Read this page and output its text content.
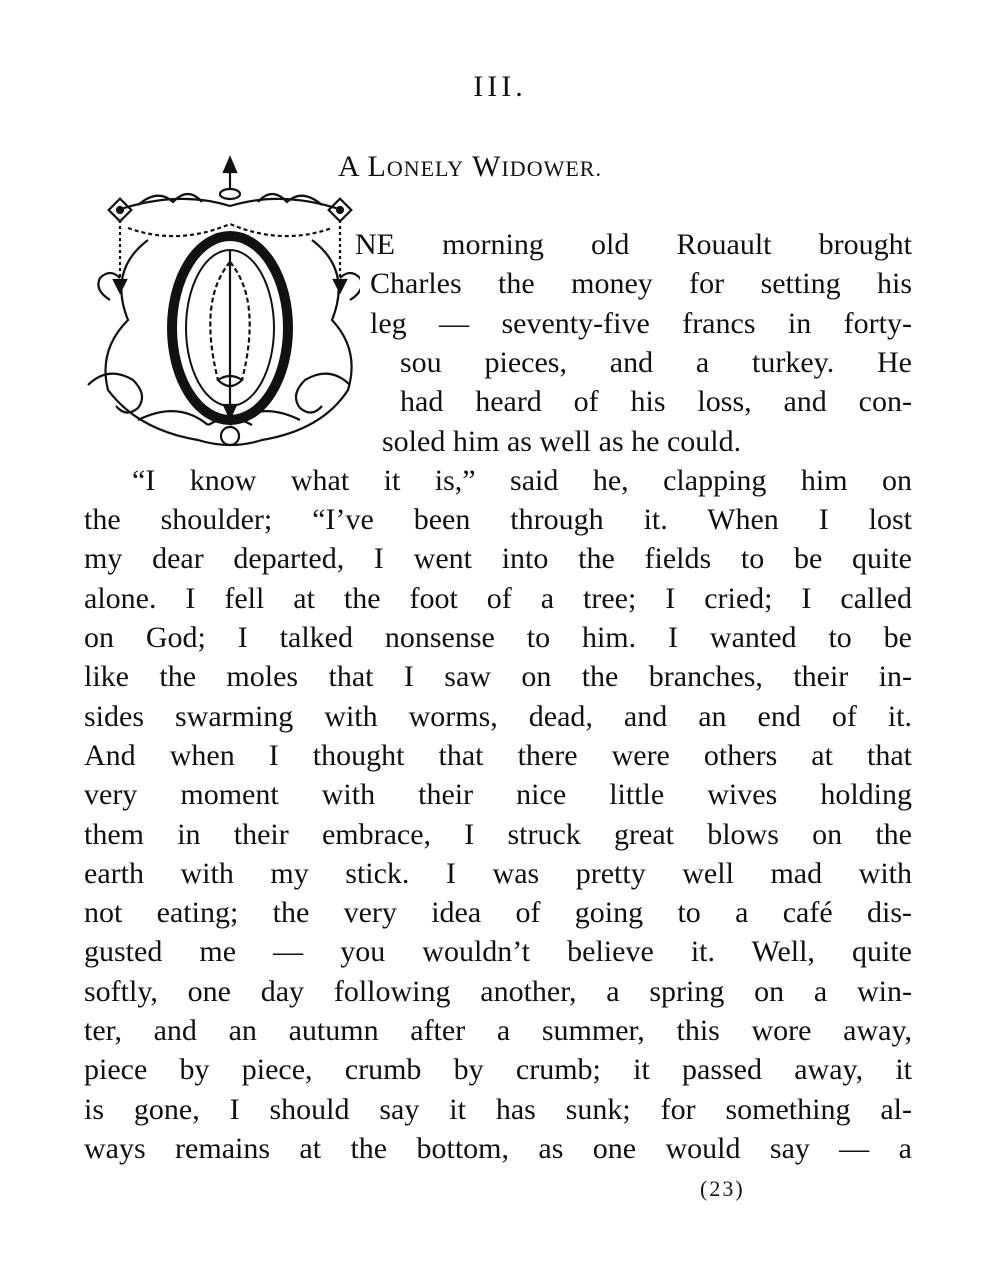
III.
A LONELY WIDOWER.
NE morning old Rouault brought
Charles the money for setting his
leg — seventy-five francs in forty-
sou pieces, and a turkey. He
had heard of his loss, and con-
soled him as well as he could.
“I know what it is,” said he, clapping him on
the shoulder; “I’ve been through it. When I lost
my dear departed, I went into the fields to be quite
alone. I fell at the foot of a tree; I cried; I called
on God; I talked nonsense to him. I wanted to be
like the moles that I saw on the branches, their in-
sides swarming with worms, dead, and an end of it.
And when I thought that there were others at that
very moment with their nice little wives holding
them in their embrace, I struck great blows on the
earth with my stick. I was pretty well mad with
not eating; the very idea of going to a café dis-
gusted me — you wouldn’t believe it. Well, quite
softly, one day following another, a spring on a win-
ter, and an autumn after a summer, this wore away,
piece by piece, crumb by crumb; it passed away, it
is gone, I should say it has sunk; for something al-
ways remains at the bottom, as one would say — a
(23)
